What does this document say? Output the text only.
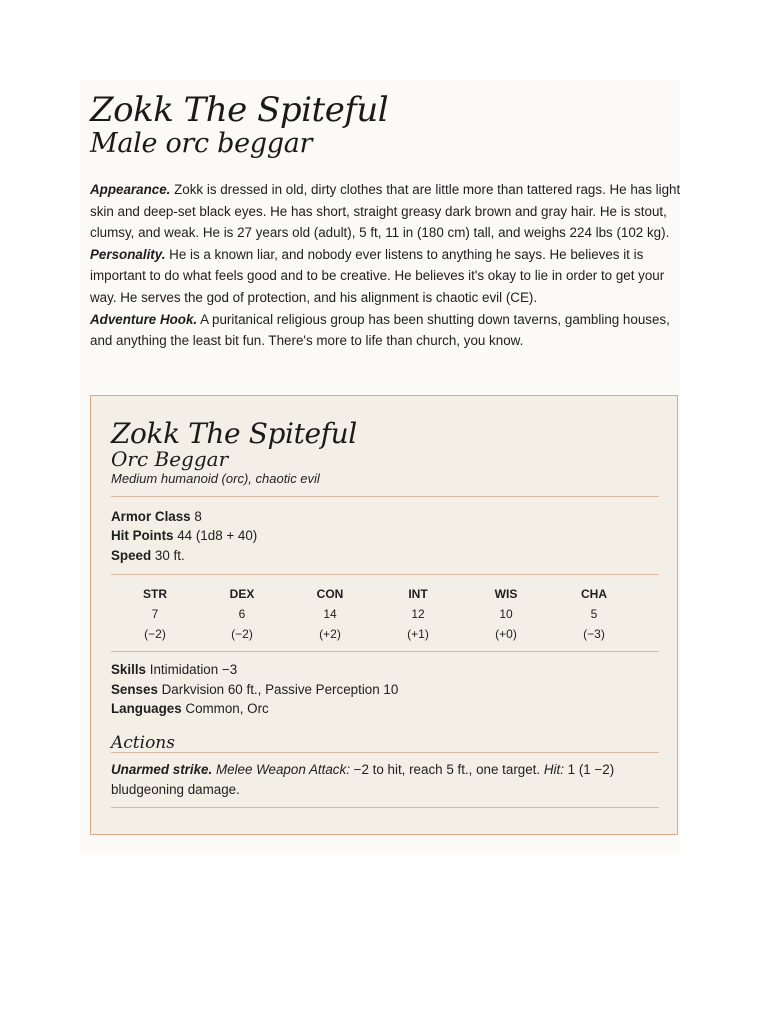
Zokk The Spiteful
Male orc beggar

Appearance. Zokk is dressed in old, dirty clothes that are little more than tattered rags. He has light skin and deep-set black eyes. He has short, straight greasy dark brown and gray hair. He is stout, clumsy, and weak. He is 27 years old (adult), 5 ft, 11 in (180 cm) tall, and weighs 224 lbs (102 kg).

Personality. He is a known liar, and nobody ever listens to anything he says. He believes it is important to do what feels good and to be creative. He believes it's okay to lie in order to get your way. He serves the god of protection, and his alignment is chaotic evil (CE).

Adventure Hook. A puritanical religious group has been shutting down taverns, gambling houses, and anything the least bit fun. There's more to life than church, you know.

Zokk The Spiteful
Orc Beggar
Medium humanoid (orc), chaotic evil
Armor Class 8
Hit Points 44 (1d8 + 40)
Speed 30 ft.
STR
7
(−2)
DEX
6
(−2)
CON
14
(+2)
INT
12
(+1)
WIS
10
(+0)
CHA
5
(−3)
Skills Intimidation −3
Senses Darkvision 60 ft., Passive Perception 10
Languages Common, Orc
Actions
Unarmed strike. Melee Weapon Attack: −2 to hit, reach 5 ft., one target. Hit: 1 (1 −2) bludgeoning damage.
